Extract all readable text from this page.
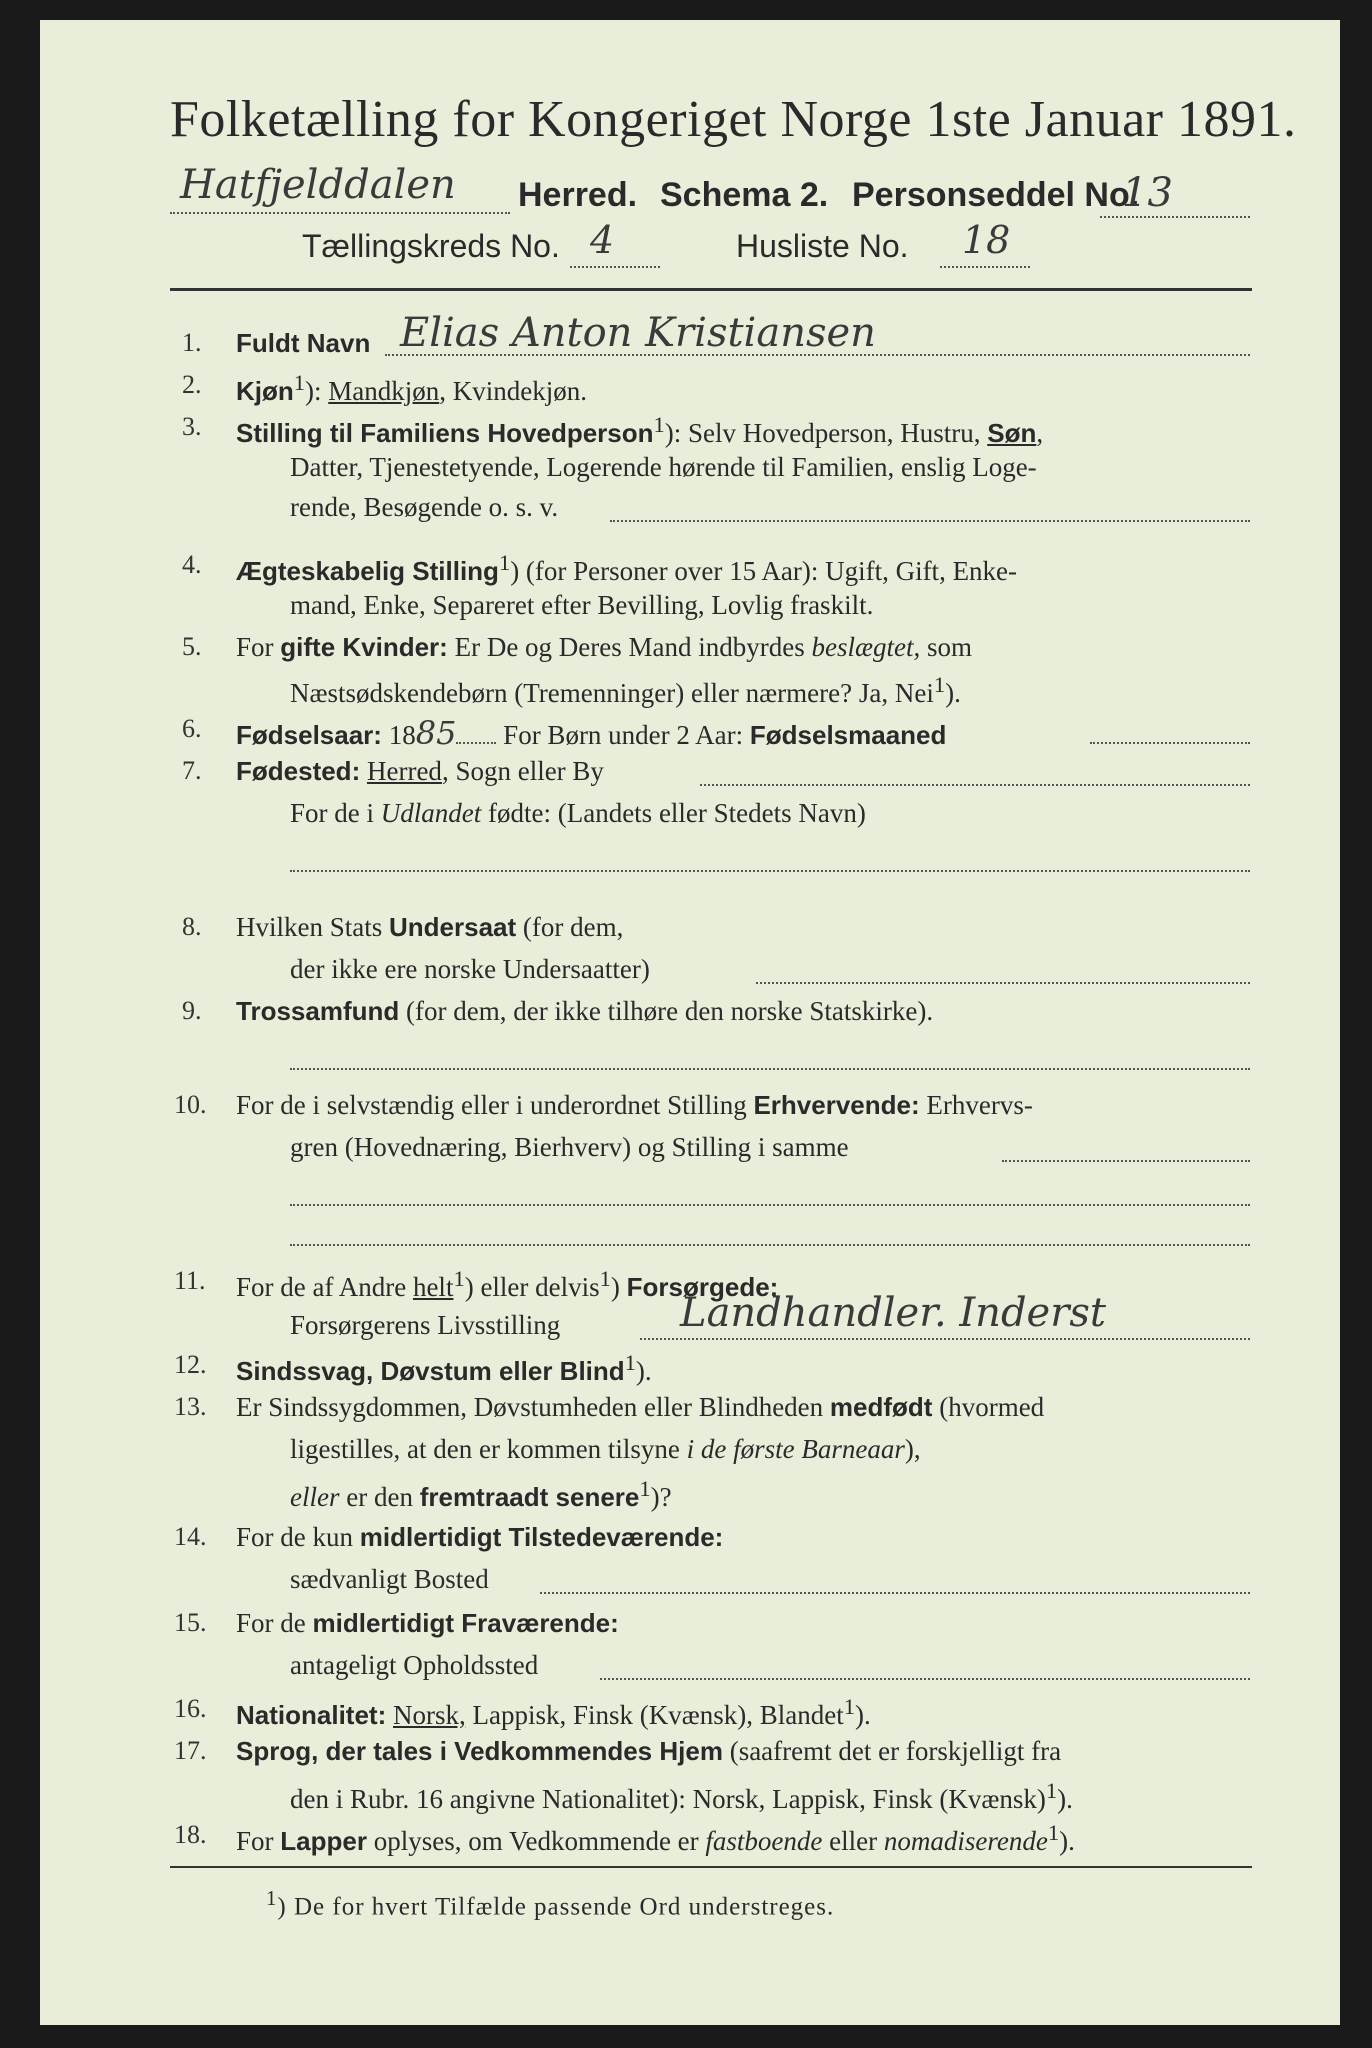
Folketælling for Kongeriget Norge 1ste Januar 1891.
Hatfjelddalen Herred. Schema 2. Personseddel No.
13
Tællingskreds No. 4	Husliste No. 18
1. Fuldt Navn Elias Anton Kristiansen
2. Kjøn$^1$): Mandkjøn, Kvindekjøn.
3. Stilling til Familiens Hovedperson$^1$): Selv Hovedperson, Hustru, Søn,
Datter, Tjenestetyende, Logerende hørende til Familien, enslig Loge-
rende, Besøgende o. s. v.
4. Ægteskabelig Stilling$^1$) (for Personer over 15 Aar): Ugift, Gift, Enke-
mand, Enke, Separeret efter Bevilling, Lovlig fraskilt.
5. For gifte Kvinder: Er De og Deres Mand indbyrdes beslægtet, som
Næstsødskendebørn (Tremenninger) eller nærmere? Ja, Nei$^1$).
6. Fødselsaar: 1885 For Børn under 2 Aar: Fødselsmaaned
7. Fødested: Herred, Sogn eller By
For de i Udlandet fødte: (Landets eller Stedets Navn)
8. Hvilken Stats Undersaat (for dem,
der ikke ere norske Undersaatter)
9. Trossamfund (for dem, der ikke tilhøre den norske Statskirke).
10. For de i selvstændig eller i underordnet Stilling Erhvervende: Erhvervs-
gren (Hovednæring, Bierhverv) og Stilling i samme
11. For de af Andre helt$^1$) eller delvis$^1$) Forsørgede:
Forsørgerens Livsstilling	Landhandler. Inderst
12. Sindssvag, Døvstum eller Blind$^1$).
13. Er Sindssygdommen, Døvstumheden eller Blindheden medfødt (hvormed
ligestilles, at den er kommen tilsyne i de første Barneaar),
eller er den fremtraadt senere$^1$)?
14. For de kun midlertidigt Tilstedeværende:
sædvanligt Bosted
15. For de midlertidigt Fraværende:
antageligt Opholdssted
16. Nationalitet: Norsk, Lappisk, Finsk (Kvænsk), Blandet$^1$).
17. Sprog, der tales i Vedkommendes Hjem (saafremt det er forskjelligt fra
den i Rubr. 16 angivne Nationalitet): Norsk, Lappisk, Finsk (Kvænsk)$^1$).
18. For Lapper oplyses, om Vedkommende er fastboende eller nomadiserende$^1$).
$^1$) De for hvert Tilfælde passende Ord understreges.
